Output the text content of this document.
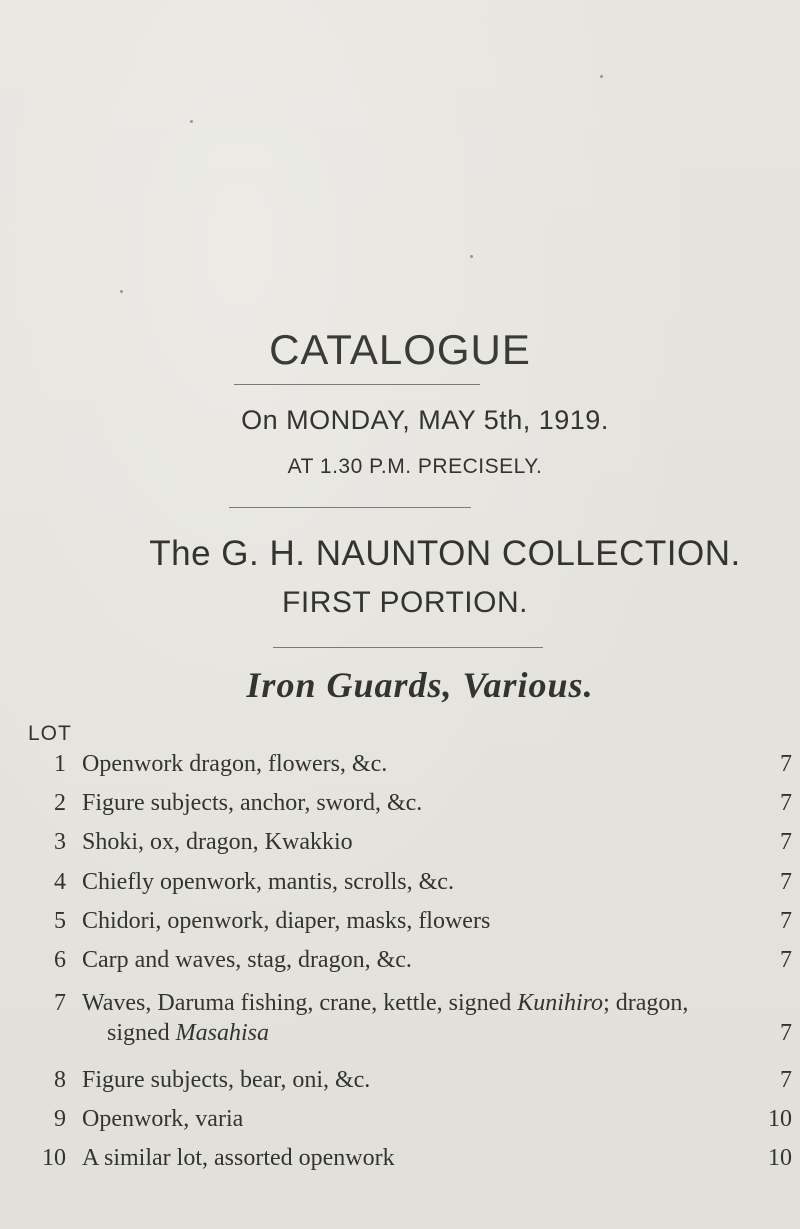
CATALOGUE
On MONDAY, MAY 5th, 1919.
AT 1.30 P.M. PRECISELY.
The G. H. NAUNTON COLLECTION.
FIRST PORTION.
Iron Guards, Various.
LOT
1 Openwork dragon, flowers, &c.	7
2 Figure subjects, anchor, sword, &c.	7
3 Shoki, ox, dragon, Kwakkio	7
4 Chiefly openwork, mantis, scrolls, &c.	7
5 Chidori, openwork, diaper, masks, flowers	7
6 Carp and waves, stag, dragon, &c.	7
7 Waves, Daruma fishing, crane, kettle, signed Kunihiro; dragon,
signed Masahisa	7
8 Figure subjects, bear, oni, &c.	7
9 Openwork, varia	10
10 A similar lot, assorted openwork	10
